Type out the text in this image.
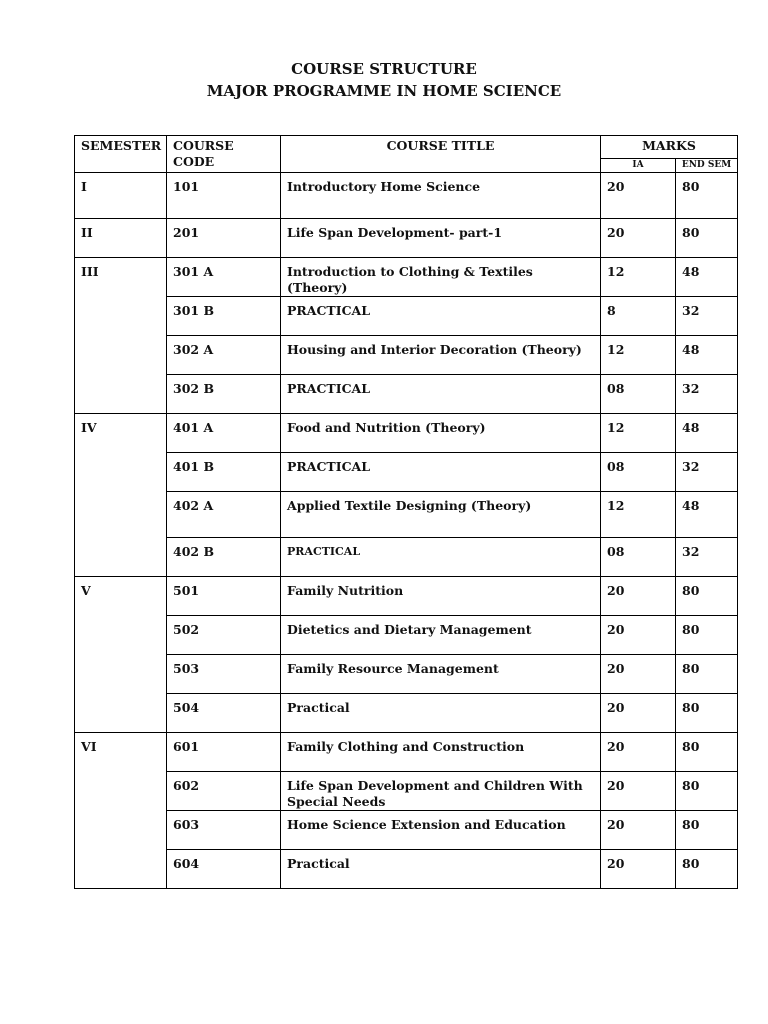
COURSE STRUCTURE
MAJOR PROGRAMME IN HOME SCIENCE
SEMESTER	COURSE CODE	COURSE TITLE	MARKS	
			IA	END SEM
I	101	Introductory Home Science	20	80
II	201	Life Span Development- part-1	20	80
III	301 A	Introduction to Clothing & Textiles (Theory)	12	48
	301 B	PRACTICAL	8	32
	302 A	Housing and Interior Decoration (Theory)	12	48
	302 B	PRACTICAL	08	32
IV	401 A	Food and Nutrition (Theory)	12	48
	401 B	PRACTICAL	08	32
	402 A	Applied Textile Designing (Theory)	12	48
	402 B	PRACTICAL	08	32
V	501	Family Nutrition	20	80
	502	Dietetics and Dietary Management	20	80
	503	Family Resource Management	20	80
	504	Practical	20	80
VI	601	Family Clothing and Construction	20	80
	602	Life Span Development and Children With Special Needs	20	80
	603	Home Science Extension and Education	20	80
	604	Practical	20	80
